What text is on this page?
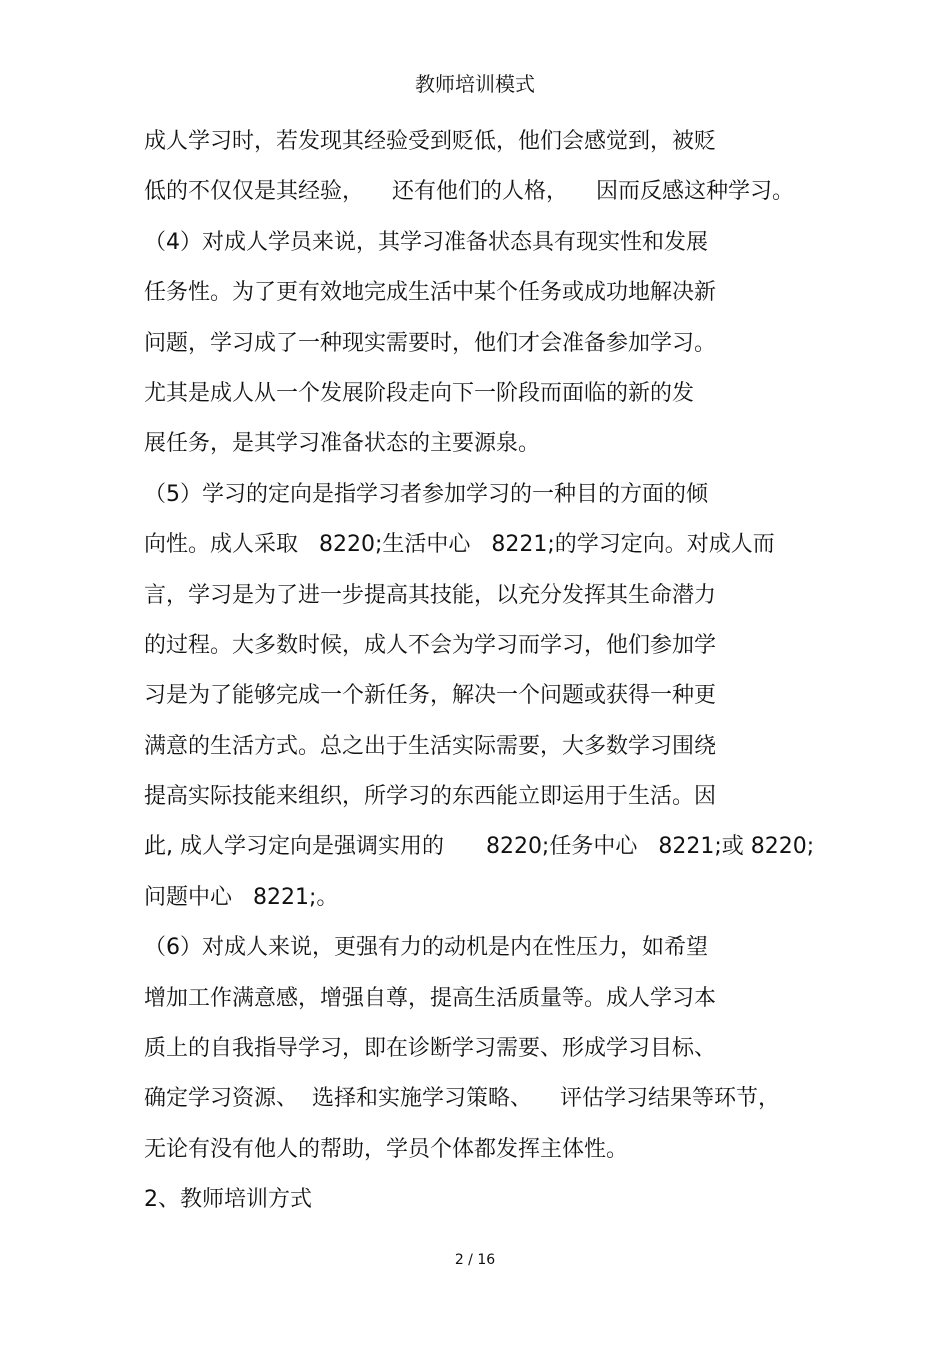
教师培训模式
成人学习时，若发现其经验受到贬低，他们会感觉到，被贬
低的不仅仅是其经验，    还有他们的人格，    因而反感这种学习。
（4）对成人学员来说，其学习准备状态具有现实性和发展
任务性。为了更有效地完成生活中某个任务或成功地解决新
问题，学习成了一种现实需要时，他们才会准备参加学习。
尤其是成人从一个发展阶段走向下一阶段而面临的新的发
展任务，是其学习准备状态的主要源泉。
（5）学习的定向是指学习者参加学习的一种目的方面的倾
向性。成人采取   8220;生活中心   8221;的学习定向。对成人而
言，学习是为了进一步提高其技能，以充分发挥其生命潜力
的过程。大多数时候，成人不会为学习而学习，他们参加学
习是为了能够完成一个新任务，解决一个问题或获得一种更
满意的生活方式。总之出于生活实际需要，大多数学习围绕
提高实际技能来组织，所学习的东西能立即运用于生活。因
此, 成人学习定向是强调实用的      8220;任务中心   8221;或 8220;
问题中心   8221;。
（6）对成人来说，更强有力的动机是内在性压力，如希望
增加工作满意感，增强自尊，提高生活质量等。成人学习本
质上的自我指导学习，即在诊断学习需要、形成学习目标、
确定学习资源、  选择和实施学习策略、    评估学习结果等环节，
无论有没有他人的帮助，学员个体都发挥主体性。
2、教师培训方式
2 / 16
